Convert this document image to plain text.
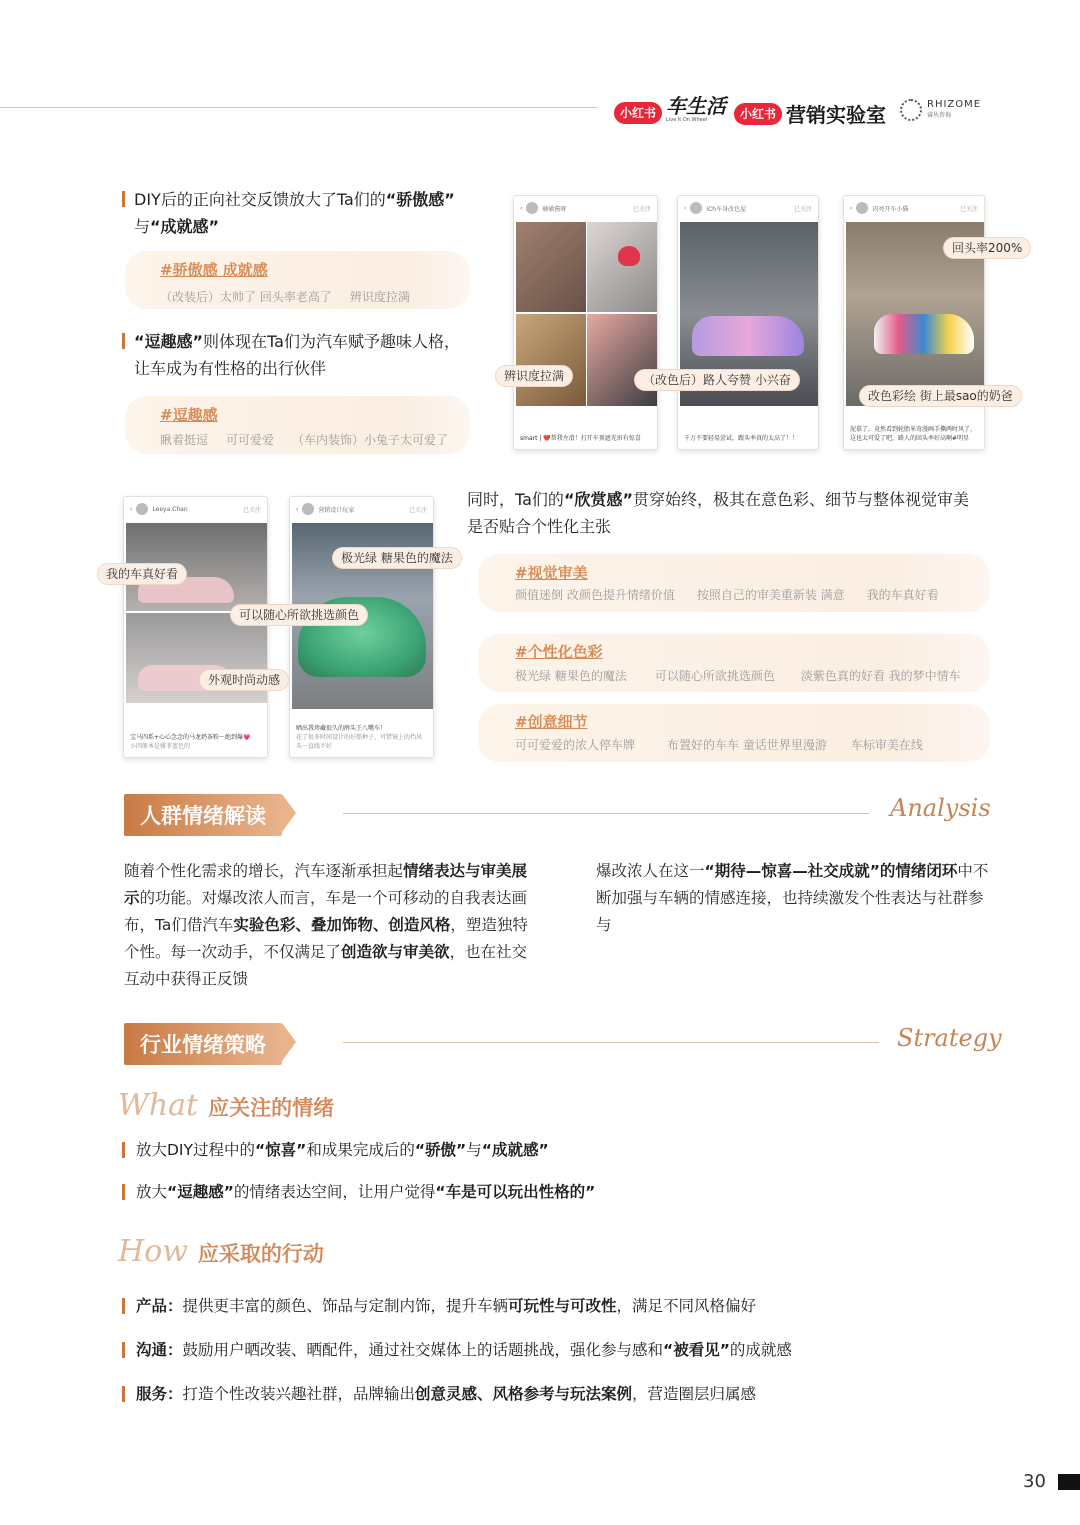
小红书 车生活
Live It On Wheel	小红书 营销实验室	RHIZOME
睿丛咨询
DIY后的正向社交反馈放大了Ta们的“骄傲感”
与“成就感”
#骄傲感 成就感
（改装后）太帅了 回头率老高了 辨识度拉满
“逗趣感”则体现在Ta们为汽车赋予趣味人格，
让车成为有性格的出行伙伴
#逗趣感
瞅着挺逗 可可爱爱 （车内装饰）小兔子太可爱了
‹	赫敏酱呀	已关注
smart | ❤️帮我左滑！打开车顶遮光帘有惊喜
‹	iCh车身改色屋	已关注
千万不要轻易尝试，跟头率真的太高了！！
‹	闪亮开车小猫	已关注
泥慕了，竟然看到轮胎米奇漫画手撕两时风了，这也太可爱了吧，路人的回头率好高啊#明星
辨识度拉满	（改色后）路人夸赞 小兴奋
回头率200%
改色彩绘 街上最sao的奶爸
‹	Leeya.Chan	已关注
宝马四系+心心念念的马龙奶茶粉～绝到爆💗
小四原本是雅菲蓝色的
‹	营销设计玩家	已关注
晒出我珍藏很久的薛头王八嘴车！
花了很多时间设计的好船种子，可惜镜上的挡风头一直线不好
我的车真好看
可以随心所欲挑选颜色
外观时尚动感
极光绿 糖果色的魔法
同时，Ta们的“欣赏感”贯穿始终，极其在意色彩、细节与整体视觉审美
是否贴合个性化主张
#视觉审美
颜值迷倒 改颜色提升情绪价值 按照自己的审美重新装 满意 我的车真好看
#个性化色彩
极光绿 糖果色的魔法 可以随心所欲挑选颜色 淡紫色真的好看 我的梦中情车
#创意细节
可可爱爱的浓人停车牌	布置好的车车 童话世界里漫游 车标审美在线
人群情绪解读	Analysis
随着个性化需求的增长，汽车逐渐承担起情绪表达与审美展示的功能。对爆改浓人而言，车是一个可移动的自我表达画布，Ta们借汽车实验色彩、叠加饰物、创造风格，塑造独特个性。每一次动手，不仅满足了创造欲与审美欲，也在社交互动中获得正反馈
爆改浓人在这一“期待—惊喜—社交成就”的情绪闭环中不断加强与车辆的情感连接，也持续激发个性表达与社群参与
行业情绪策略	Strategy
What 应关注的情绪
放大DIY过程中的“惊喜”和成果完成后的“骄傲”与“成就感”
放大“逗趣感”的情绪表达空间，让用户觉得“车是可以玩出性格的”
How 应采取的行动
产品：提供更丰富的颜色、饰品与定制内饰，提升车辆可玩性与可改性，满足不同风格偏好
沟通：鼓励用户晒改装、晒配件，通过社交媒体上的话题挑战，强化参与感和“被看见”的成就感
服务：打造个性改装兴趣社群，品牌输出创意灵感、风格参考与玩法案例，营造圈层归属感
30
